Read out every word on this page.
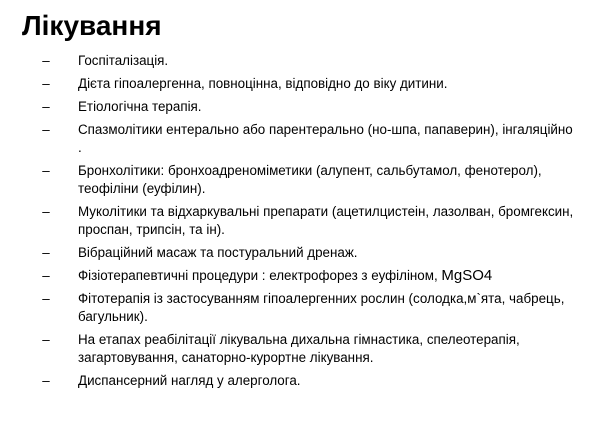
Лікування
– Госпіталізація.
– Дієта гіпоалергенна, повноцінна, відповідно до віку дитини.
– Етіологічна терапія.
– Спазмолітики ентерально або парентерально (но-шпа, папаверин), інгаляційно .
– Бронхолітики: бронхоадреноміметики (алупент, сальбутамол, фенотерол), теофіліни (еуфілин).
– Муколітики та відхаркувальні препарати (ацетилцистеін, лазолван, бромгексин, проспан, трипсін, та ін).
– Вібраційний масаж та постуральний дренаж.
– Фізіотерапевтичні процедури : електрофорез з еуфіліном, MgSO4
– Фітотерапія із застосуванням гіпоалергенних рослин (солодка,м`ята, чабрець, багульник).
– На етапах реабілітації лікувальна дихальна гімнастика, спелеотерапія, загартовування, санаторно-курортне лікування.
– Диспансерний нагляд у алерголога.
